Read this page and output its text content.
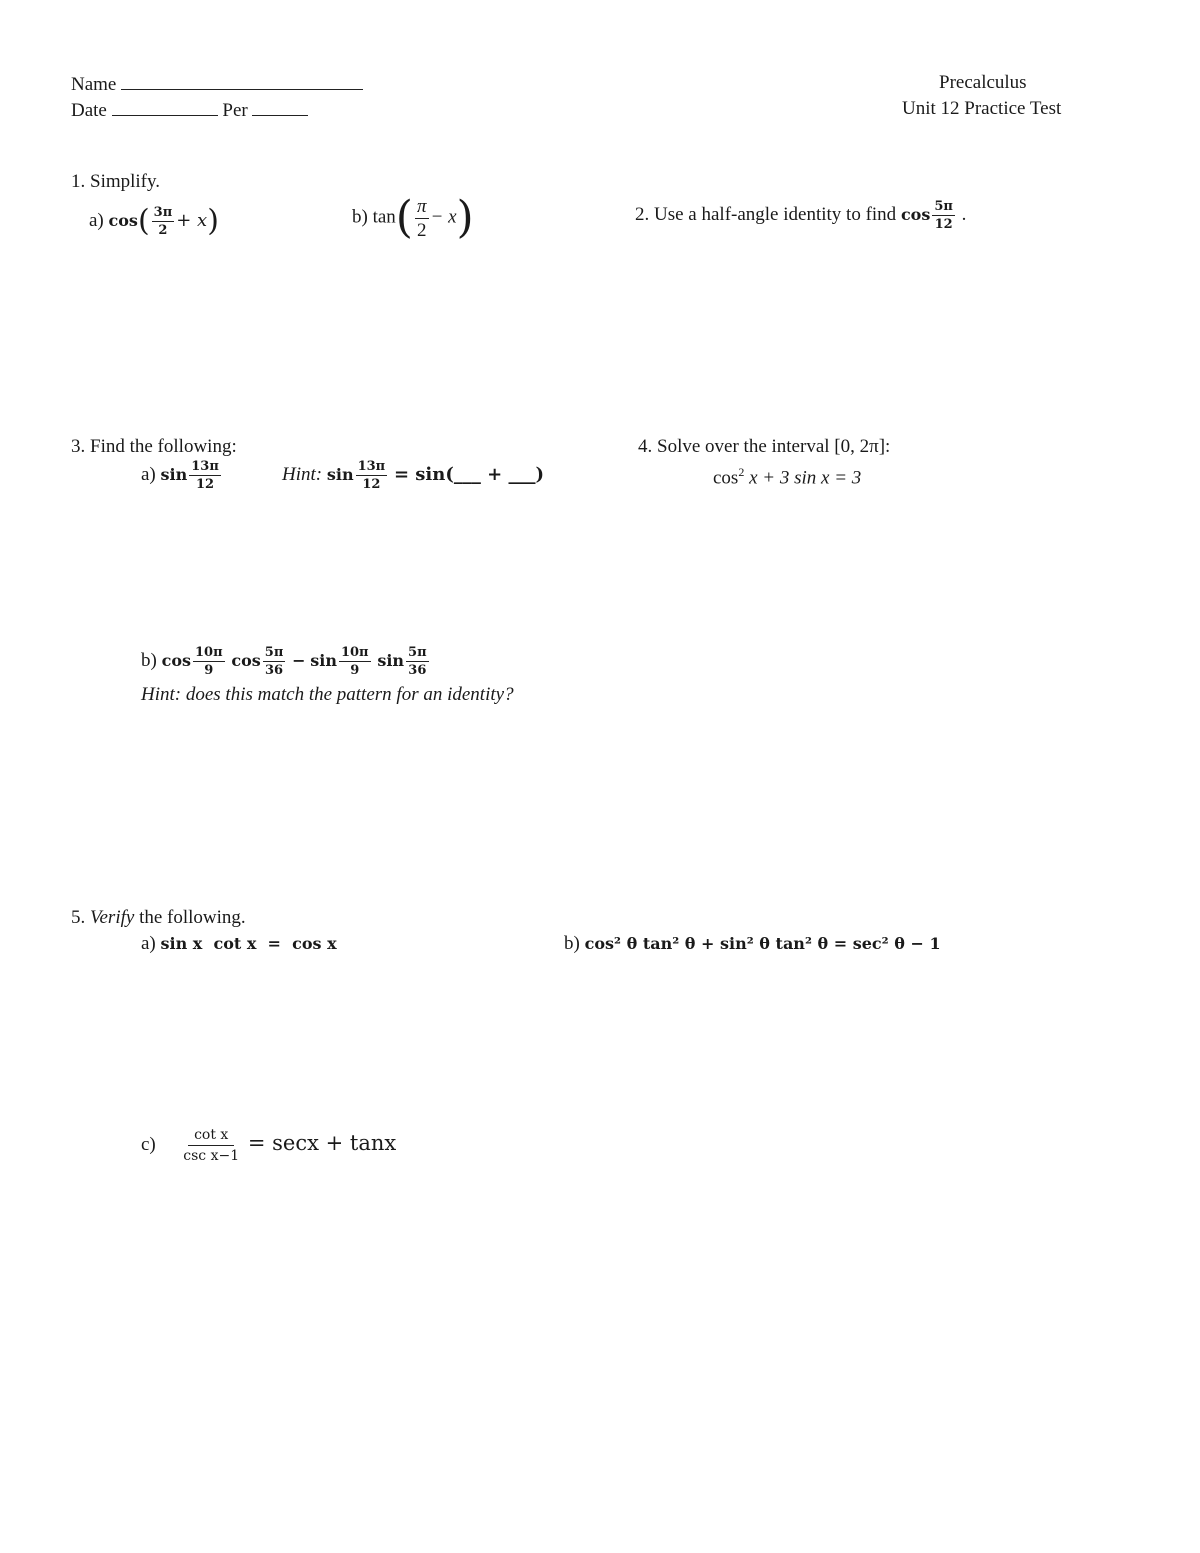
Name
Date	Per
Precalculus
Unit 12 Practice Test
1. Simplify.
a) $\cos( \frac{3\pi}{2} + x)$	b) $\tan( \frac{\pi}{2} - x)$	2. Use a half-angle identity to find $\cos \frac{5\pi}{12}$ .
3. Find the following:
a) $\sin \frac{13\pi}{12}$	Hint: $\sin \frac{13\pi}{12}$ = sin(___ + ___)
b) $\cos \frac{10\pi}{9}$ $\cos \frac{5\pi}{36} - \sin \frac{10\pi}{9}$ $\sin \frac{5\pi}{36}$
Hint: does this match the pattern for an identity?
4. Solve over the interval [0, 2π]:
$\cos^2 x + 3$ sin x = 3
5. Verify the following.
a) sin x  cot x  =  cos x	b) cos² θ tan² θ + sin² θ tan² θ = sec² θ − 1
$c) \frac{\text{cot x}}{\text{csc x−1}} = \sec x + \tan x$
